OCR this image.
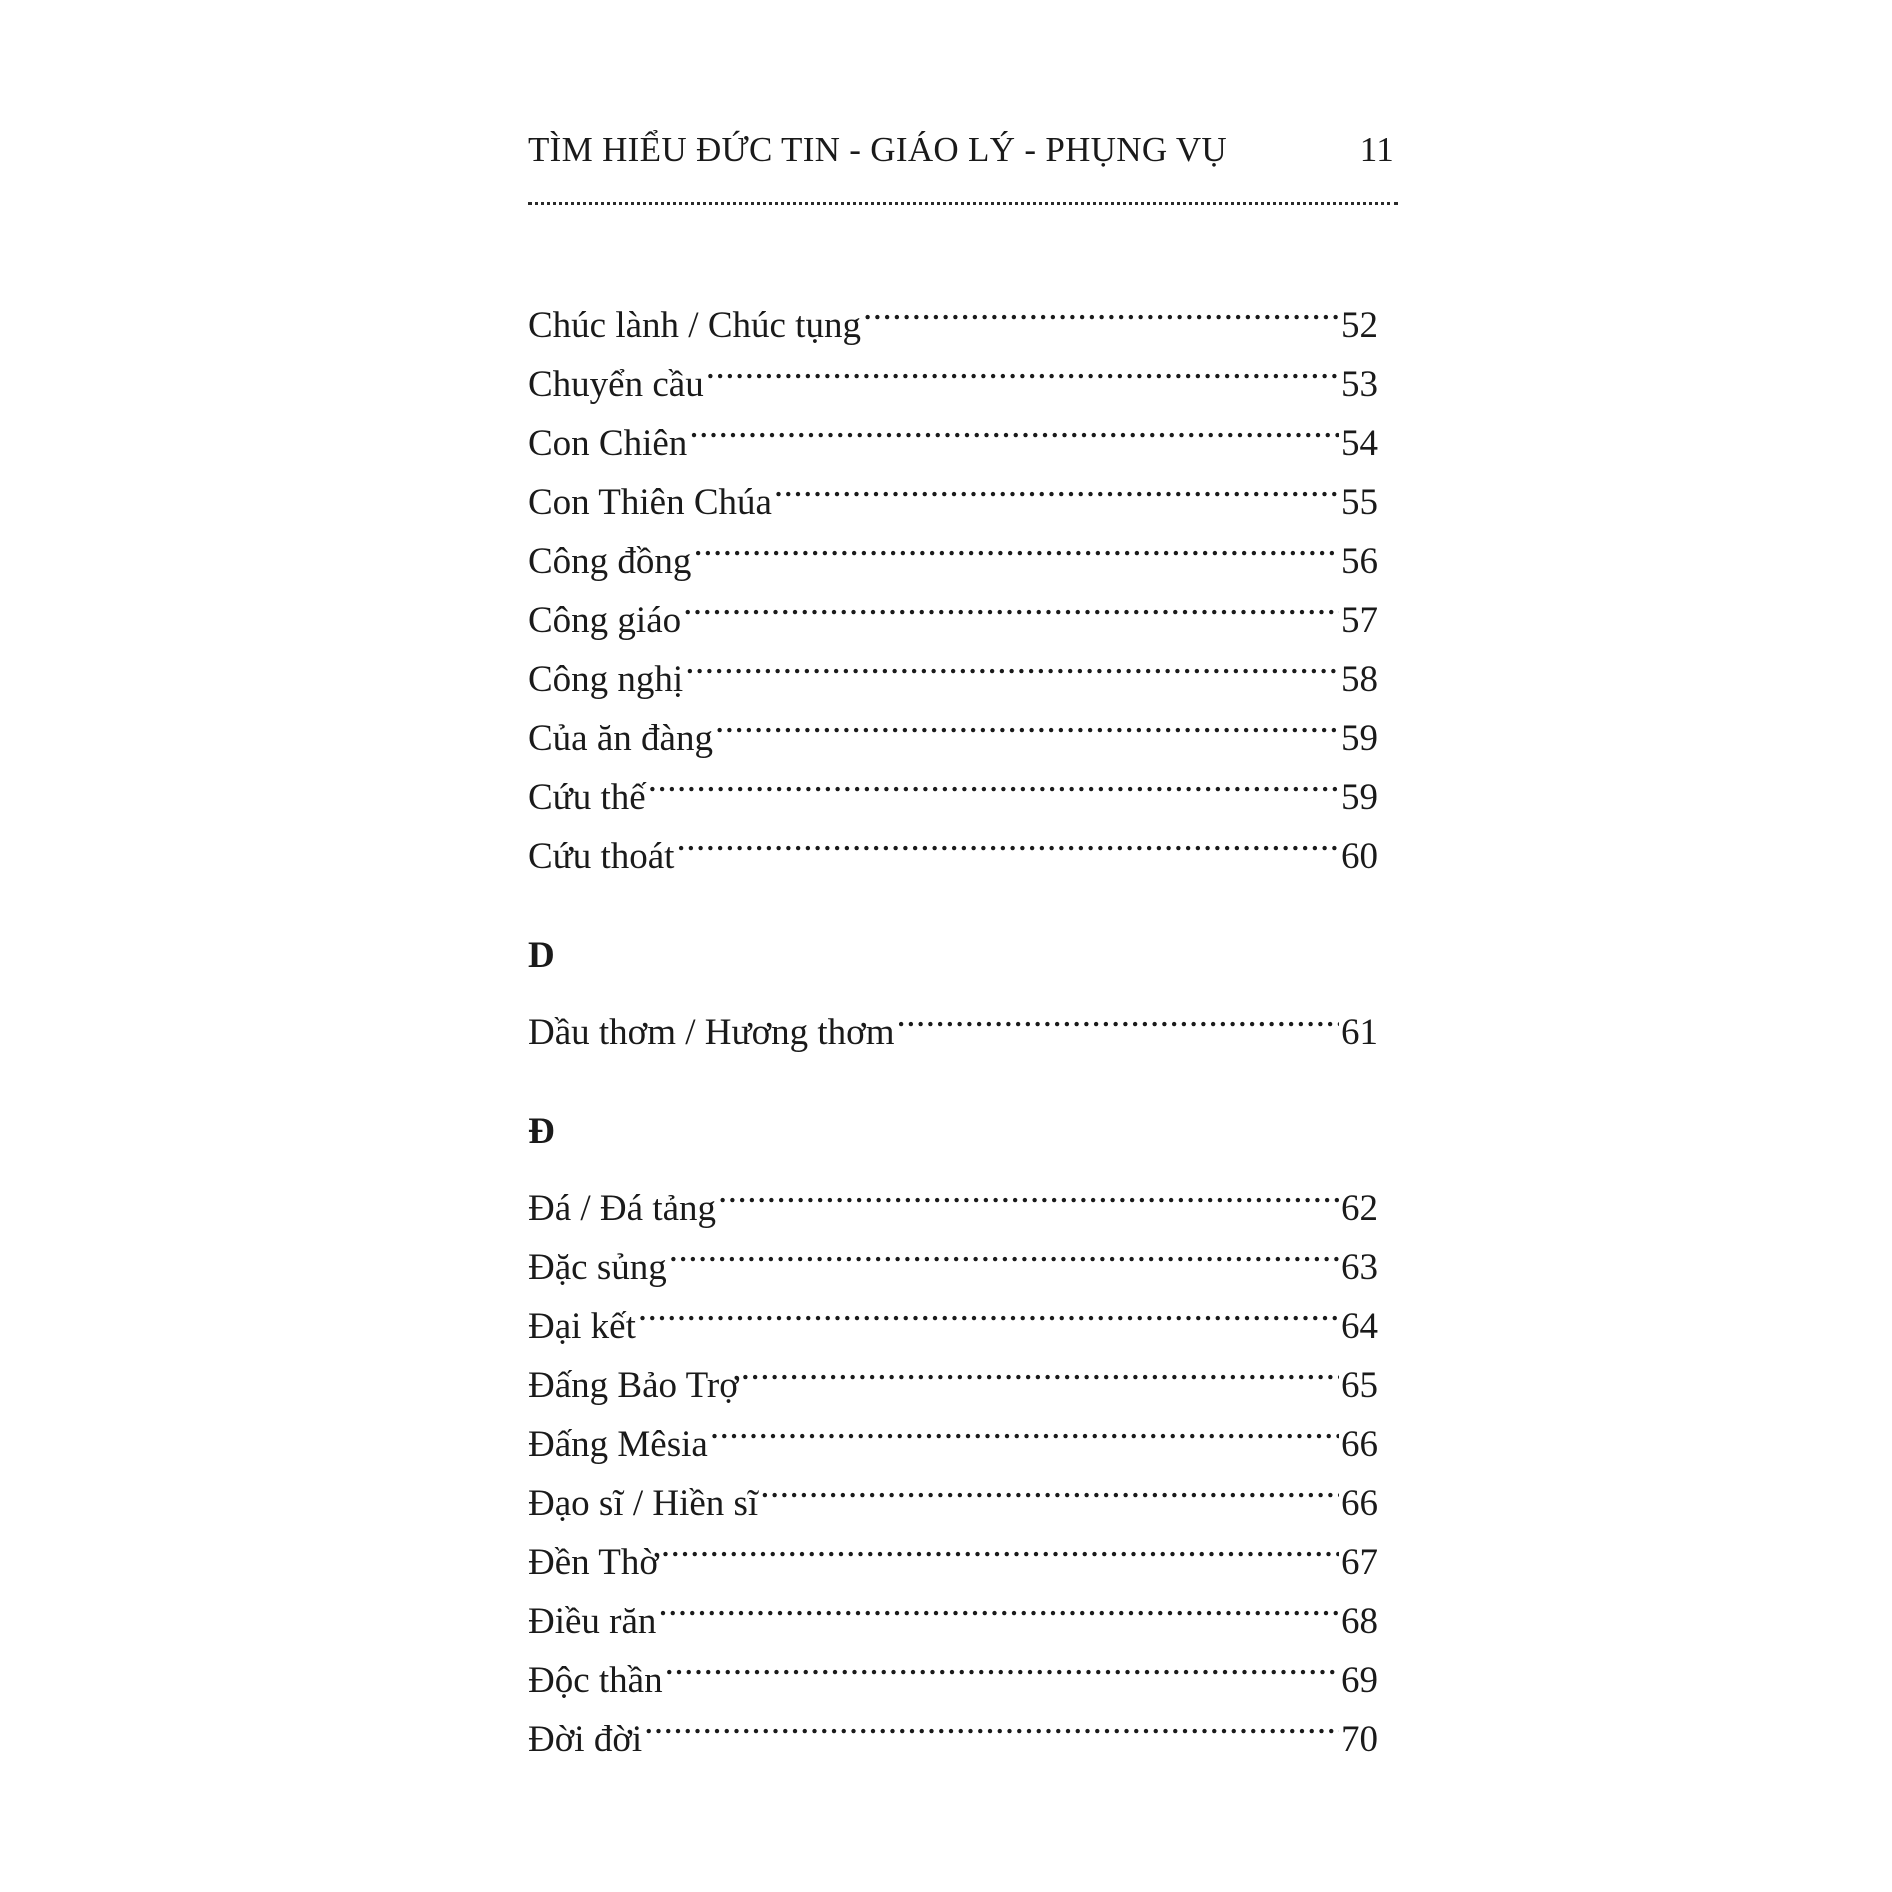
TÌM HIỂU ĐỨC TIN - GIÁO LÝ - PHỤNG VỤ	11
Chúc lành / Chúc tụng .....	52
Chuyển cầu .....	53
Con Chiên .....	54
Con Thiên Chúa .....	55
Công đồng .....	56
Công giáo .....	57
Công nghị .....	58
Của ăn đàng .....	59
Cứu thế .....	59
Cứu thoát .....	60
D
Dầu thơm / Hương thơm .....	61
Đ
Đá / Đá tảng .....	62
Đặc sủng .....	63
Đại kết .....	64
Đấng Bảo Trợ .....	65
Đấng Mêsia .....	66
Đạo sĩ / Hiền sĩ .....	66
Đền Thờ .....	67
Điều răn .....	68
Độc thần .....	69
Đời đời .....	70
